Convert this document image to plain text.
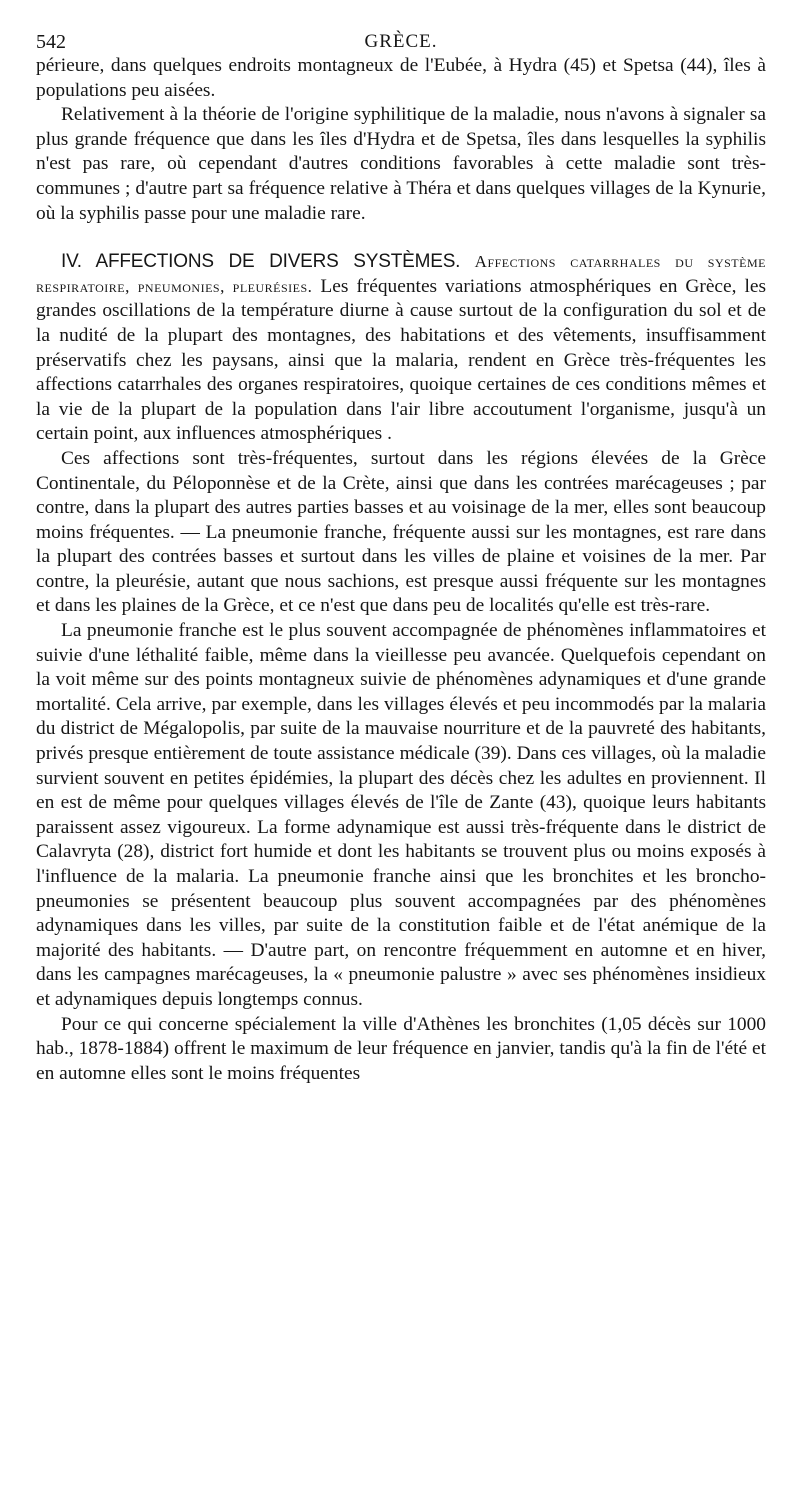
542	GRÈCE.

périeure, dans quelques endroits montagneux de l'Eubée, à Hydra (45) et Spetsa (44), îles à populations peu aisées.

Relativement à la théorie de l'origine syphilitique de la maladie, nous n'avons à signaler sa plus grande fréquence que dans les îles d'Hydra et de Spetsa, îles dans lesquelles la syphilis n'est pas rare, où cependant d'autres conditions favorables à cette maladie sont très-communes ; d'autre part sa fréquence relative à Théra et dans quelques villages de la Kynurie, où la syphilis passe pour une maladie rare.

IV. AFFECTIONS DE DIVERS SYSTÈMES. Affections catarrhales du système respiratoire, pneumonies, pleurésies. Les fréquentes variations atmosphériques en Grèce, les grandes oscillations de la température diurne à cause surtout de la configuration du sol et de la nudité de la plupart des montagnes, des habitations et des vêtements, insuffisamment préservatifs chez les paysans, ainsi que la malaria, rendent en Grèce très-fréquentes les affections catarrhales des organes respiratoires, quoique certaines de ces conditions mêmes et la vie de la plupart de la population dans l'air libre accoutument l'organisme, jusqu'à un certain point, aux influences atmosphériques .

Ces affections sont très-fréquentes, surtout dans les régions élevées de la Grèce Continentale, du Péloponnèse et de la Crète, ainsi que dans les contrées marécageuses ; par contre, dans la plupart des autres parties basses et au voisinage de la mer, elles sont beaucoup moins fréquentes. — La pneumonie franche, fréquente aussi sur les montagnes, est rare dans la plupart des contrées basses et surtout dans les villes de plaine et voisines de la mer. Par contre, la pleurésie, autant que nous sachions, est presque aussi fréquente sur les montagnes et dans les plaines de la Grèce, et ce n'est que dans peu de localités qu'elle est très-rare.

La pneumonie franche est le plus souvent accompagnée de phénomènes inflammatoires et suivie d'une léthalité faible, même dans la vieillesse peu avancée. Quelquefois cependant on la voit même sur des points montagneux suivie de phénomènes adynamiques et d'une grande mortalité. Cela arrive, par exemple, dans les villages élevés et peu incommodés par la malaria du district de Mégalopolis, par suite de la mauvaise nourriture et de la pauvreté des habitants, privés presque entièrement de toute assistance médicale (39). Dans ces villages, où la maladie survient souvent en petites épidémies, la plupart des décès chez les adultes en proviennent. Il en est de même pour quelques villages élevés de l'île de Zante (43), quoique leurs habitants paraissent assez vigoureux. La forme adynamique est aussi très-fréquente dans le district de Calavryta (28), district fort humide et dont les habitants se trouvent plus ou moins exposés à l'influence de la malaria. La pneumonie franche ainsi que les bronchites et les broncho-pneumonies se présentent beaucoup plus souvent accompagnées par des phénomènes adynamiques dans les villes, par suite de la constitution faible et de l'état anémique de la majorité des habitants. — D'autre part, on rencontre fréquemment en automne et en hiver, dans les campagnes marécageuses, la « pneumonie palustre » avec ses phénomènes insidieux et adynamiques depuis longtemps connus.

Pour ce qui concerne spécialement la ville d'Athènes les bronchites (1,05 décès sur 1000 hab., 1878-1884) offrent le maximum de leur fréquence en janvier, tandis qu'à la fin de l'été et en automne elles sont le moins fréquentes
